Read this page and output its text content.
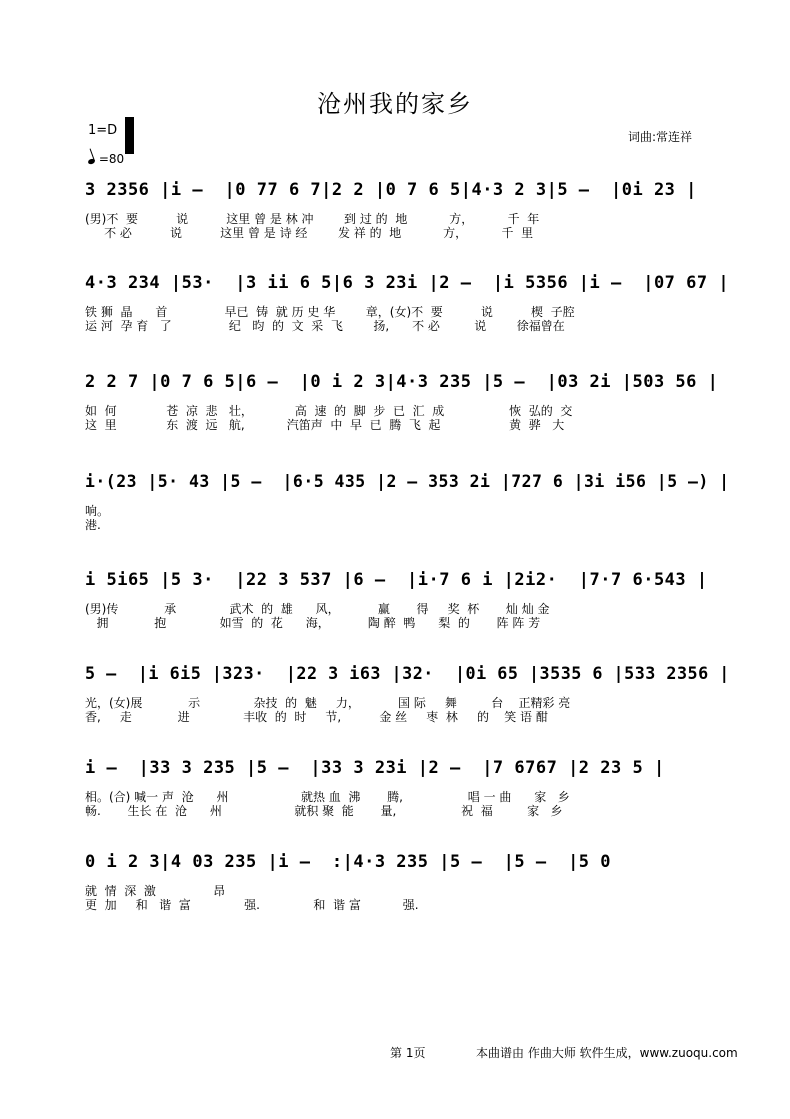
沧州我的家乡
1=D
=80
词曲:常连祥
3 2356 |i –  |0 77 6 7|2 2 |0 7 6 5|4·3 2 3|5 –  |0i 23 |
(男)不  要          说          这里 曾 是 林 冲        到 过 的  地           方，         千  年
不 必          说          这里 曾 是 诗 经        发 祥 的  地           方，         千  里
4·3 234 |53·  |3 ii 6 5|6 3 23i |2 –  |i 5356 |i –  |07 67 |
铁 狮  晶      首               早已  铸  就 历 史 华        章，(女)不  要          说          楔  子腔
运 河  孕 育   了               纪   昀  的  文  采  飞        扬,      不 必         说        徐福曾在
2 2 7 |0 7 6 5|6 –  |0 i 2 3|4·3 235 |5 –  |03 2i |503 56 |
如  何             苍  凉  悲   壮，           高  速  的  脚  步  已  汇  成                 恢  弘的  交
这  里             东  渡  远   航,           汽笛声  中  早  已  腾  飞  起                  黄  骅   大
i·(23 |5· 43 |5 –  |6·5 435 |2 – 353 2i |727 6 |3i i56 |5 –) |
响。
港.
i 5i65 |5 3·  |22 3 537 |6 –  |i·7 6 i |2i2·  |7·7 6·543 |
(男)传            承              武术  的  雄      风，          赢       得     奖  杯       灿 灿 金
拥            抱              如雪  的  花      海，          陶 醉  鸭      梨  的       阵 阵 芳
5 –  |i 6i5 |323·  |22 3 i63 |32·  |0i 65 |3535 6 |533 2356 |
光，(女)展            示              杂技  的  魅     力，          国 际     舞         台    正精彩 亮
香,     走            进              丰收  的  时     节,          金 丝     枣  林     的    笑 语 酣
i –  |33 3 235 |5 –  |33 3 23i |2 –  |7 6767 |2 23 5 |
相。(合) 喊一 声  沧      州                   就热 血  沸       腾,                 唱 一 曲      家   乡
畅.       生长 在  沧      州                   就积 聚  能       量,                 祝  福         家   乡
0 i 2 3|4 03 235 |i –  :|4·3 235 |5 –  |5 –  |5 0
就  情  深  激               昂
更  加     和   谐  富              强.              和  谐 富           强.
第 1页	本曲谱由 作曲大师 软件生成，www.zuoqu.com
